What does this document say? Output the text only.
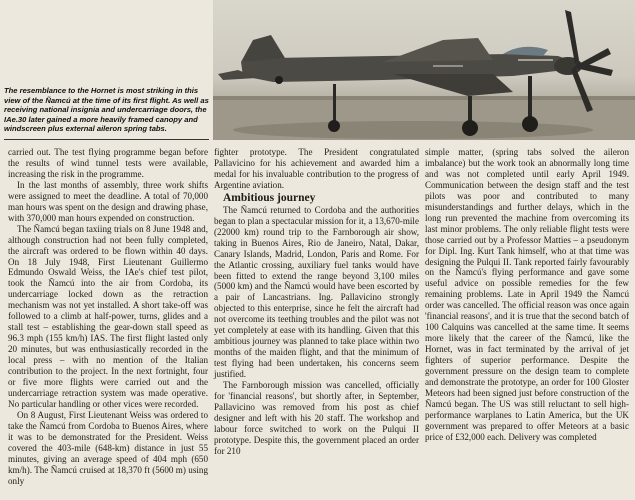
The resemblance to the Hornet is most striking in this view of the Ñamcú at the time of its first flight. As well as receiving national insignia and undercarriage doors, the IAe.30 later gained a more heavily framed canopy and windscreen plus external aileron spring tabs.

carried out. The test flying programme began before the results of wind tunnel tests were available, increasing the risk in the programme.

In the last months of assembly, three work shifts were assigned to meet the deadline. A total of 70,000 man hours was spent on the design and drawing phase, with 370,000 man hours expended on construction.

The Ñamcú began taxiing trials on 8 June 1948 and, although construction had not been fully completed, the aircraft was ordered to be flown within 40 days. On 18 July 1948, First Lieutenant Guillermo Edmundo Oswald Weiss, the IAe's chief test pilot, took the Ñamcú into the air from Cordoba, its undercarriage locked down as the retraction mechanism was not yet installed. A short take-off was followed to a climb at half-power, turns, glides and a stall test – establishing the gear-down stall speed as 96.3 mph (155 km/h) IAS. The first flight lasted only 20 minutes, but was enthusiastically recorded in the local press – with no mention of the Italian contribution to the project. In the next fortnight, four or five more flights were carried out and the undercarriage retraction system was made operative. No particular handling or other vices were recorded.

On 8 August, First Lieutenant Weiss was ordered to take the Ñamcú from Cordoba to Buenos Aires, where it was to be demonstrated for the President. Weiss covered the 403-mile (648-km) distance in just 55 minutes, giving an average speed of 404 mph (650 km/h). The Ñamcú cruised at 18,370 ft (5600 m) using only

fighter prototype. The President congratulated Pallavicino for his achievement and awarded him a medal for his invaluable contribution to the progress of Argentine aviation.

Ambitious journey

The Ñamcú returned to Cordoba and the authorities began to plan a spectacular mission for it, a 13,670-mile (22000 km) round trip to the Farnborough air show, taking in Buenos Aires, Rio de Janeiro, Natal, Dakar, Canary Islands, Madrid, London, Paris and Rome. For the Atlantic crossing, auxiliary fuel tanks would have been fitted to extend the range beyond 3,100 miles (5000 km) and the Ñamcú would have been escorted by a pair of Lancastrians. Ing. Pallavicino strongly objected to this enterprise, since he felt the aircraft had not overcome its teething troubles and the pilot was not yet completely at ease with its handling. Given that this ambitious journey was planned to take place within two months of the maiden flight, and that the minimum of test flying had been undertaken, his concerns seem justified.

The Farnborough mission was cancelled, officially for 'financial reasons', but shortly after, in September, Pallavicino was removed from his post as chief designer and left with his 20 staff. The workshop and labour force switched to work on the Pulqui II prototype. Despite this, the government placed an order for 210

simple matter, (spring tabs solved the aileron imbalance) but the work took an abnormally long time and was not completed until early April 1949. Communication between the design staff and the test pilots was poor and contributed to many misunderstandings and further delays, which in the long run prevented the machine from overcoming its last minor problems. The only reliable flight tests were those carried out by a Professor Matties – a pseudonym for Dipl. Ing. Kurt Tank himself, who at that time was designing the Pulqui II. Tank reported fairly favourably on the Ñamcú's flying performance and gave some useful advice on possible remedies for the few remaining problems. Late in April 1949 the Ñamcú order was cancelled. The official reason was once again 'financial reasons', and it is true that the second batch of 100 Calquins was cancelled at the same time. It seems more likely that the career of the Ñamcú, like the Hornet, was in fact terminated by the arrival of jet fighters of superior performance. Despite the government pressure on the design team to complete and demonstrate the prototype, an order for 100 Gloster Meteors had been signed just before construction of the Ñamcú began. The US was still reluctant to sell high-performance warplanes to Latin America, but the UK government was prepared to offer Meteors at a basic price of £32,000 each. Delivery was completed
